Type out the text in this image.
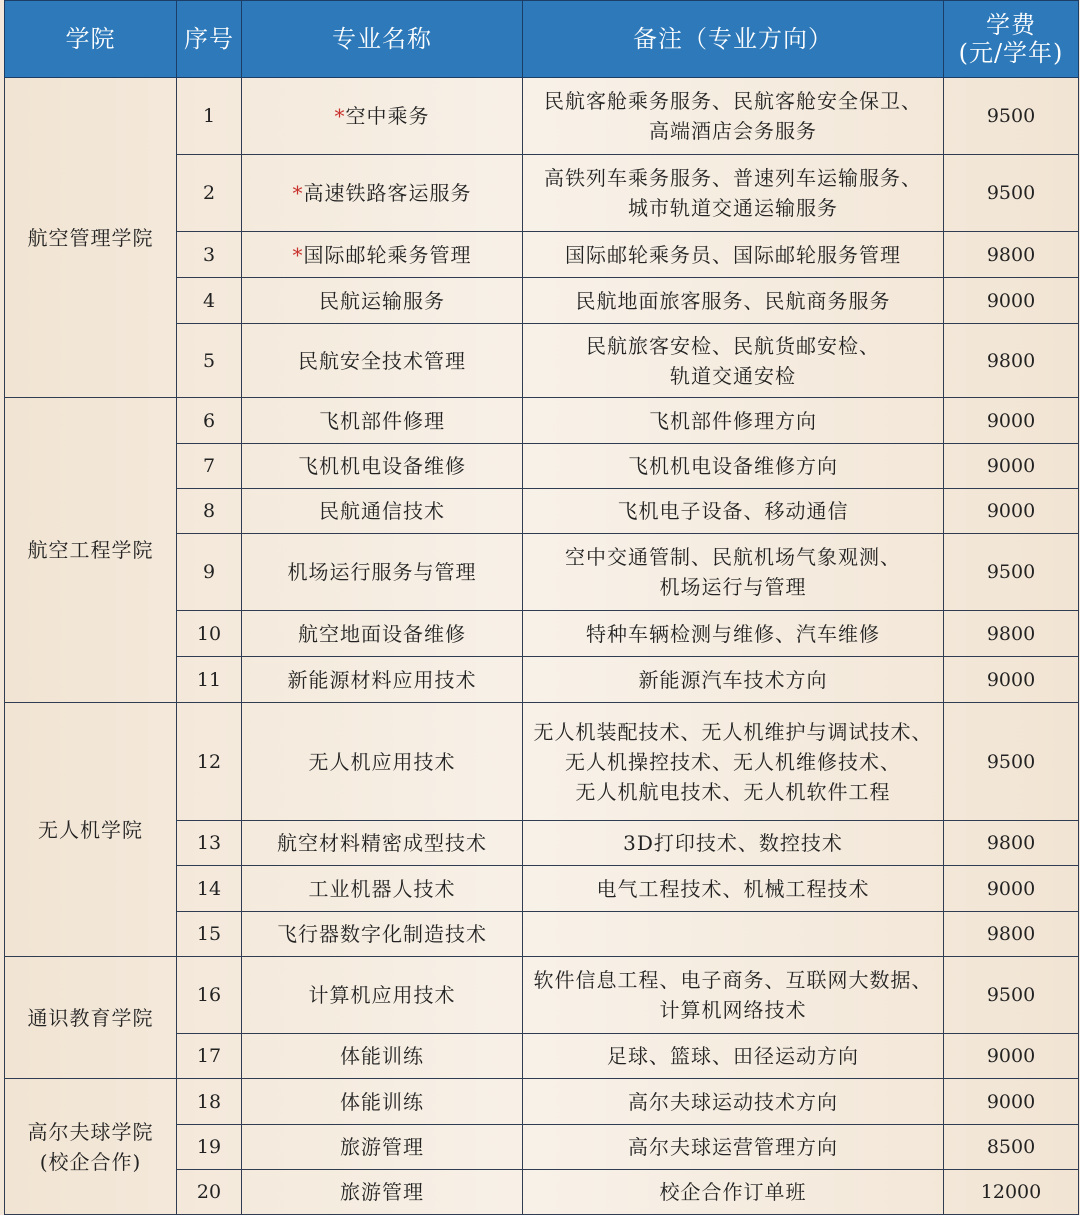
学院	序号	专业名称	备注（专业方向）	学费
(元/学年)

航空管理学院	1	*空中乘务	民航客舱乘务服务、民航客舱安全保卫、
高端酒店会务服务	9500
	2	*高速铁路客运服务	高铁列车乘务服务、普速列车运输服务、
城市轨道交通运输服务	9500
	3	*国际邮轮乘务管理	国际邮轮乘务员、国际邮轮服务管理	9800
	4	民航运输服务	民航地面旅客服务、民航商务服务	9000
	5	民航安全技术管理	民航旅客安检、民航货邮安检、
轨道交通安检	9800
航空工程学院	6	飞机部件修理	飞机部件修理方向	9000
	7	飞机机电设备维修	飞机机电设备维修方向	9000
	8	民航通信技术	飞机电子设备、移动通信	9000
	9	机场运行服务与管理	空中交通管制、民航机场气象观测、
机场运行与管理	9500
	10	航空地面设备维修	特种车辆检测与维修、汽车维修	9800
	11	新能源材料应用技术	新能源汽车技术方向	9000
无人机学院	12	无人机应用技术	无人机装配技术、无人机维护与调试技术、
无人机操控技术、无人机维修技术、
无人机航电技术、无人机软件工程	9500
	13	航空材料精密成型技术	3D打印技术、数控技术	9800
	14	工业机器人技术	电气工程技术、机械工程技术	9000
	15	飞行器数字化制造技术		9800
通识教育学院	16	计算机应用技术	软件信息工程、电子商务、互联网大数据、
计算机网络技术	9500
	17	体能训练	足球、篮球、田径运动方向	9000

高尔夫球学院
(校企合作)	18	体能训练	高尔夫球运动技术方向	9000
	19	旅游管理	高尔夫球运营管理方向	8500
	20	旅游管理	校企合作订单班	12000
